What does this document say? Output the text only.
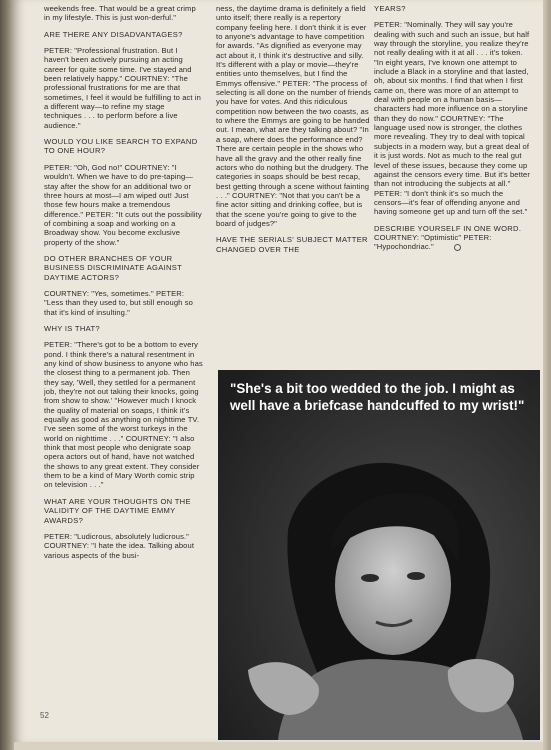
weekends free. That would be a great crimp in my lifestyle. This is just won-derful."

ARE THERE ANY DISADVANTAGES?

PETER: "Professional frustration. But I haven't been actively pursuing an acting career for quite some time. I've stayed and been relatively happy." COURTNEY: "The professional frustrations for me are that sometimes, I feel it would be fulfilling to act in a different way—to refine my stage techniques . . . to perform before a live audience."

WOULD YOU LIKE SEARCH TO EXPAND TO ONE HOUR?

PETER: "Oh, God no!" COURTNEY: "I wouldn't. When we have to do pre-taping—stay after the show for an additional two or three hours at most—I am wiped out! Just those few hours make a tremendous difference." PETER: "It cuts out the possibility of combining a soap and working on a Broadway show. You become exclusive property of the show."

DO OTHER BRANCHES OF YOUR BUSINESS DISCRIMINATE AGAINST DAYTIME ACTORS?

COURTNEY: "Yes, sometimes." PETER: "Less than they used to, but still enough so that it's kind of insulting."

WHY IS THAT?

PETER: "There's got to be a bottom to every pond. I think there's a natural resentment in any kind of show business to anyone who has the closest thing to a permanent job. Then they say, 'Well, they settled for a permanent job, they're not out taking their knocks, going from show to show.' "However much I knock the quality of material on soaps, I think it's equally as good as anything on nighttime TV. I've seen some of the worst turkeys in the world on nighttime . . ." COURTNEY: "I also think that most people who denigrate soap opera actors out of hand, have not watched the shows to any great extent. They consider them to be a kind of Mary Worth comic strip on television . . ."

WHAT ARE YOUR THOUGHTS ON THE VALIDITY OF THE DAYTIME EMMY AWARDS?

PETER: "Ludicrous, absolutely ludicrous." COURTNEY: "I hate the idea. Talking about various aspects of the busi-

ness, the daytime drama is definitely a field unto itself; there really is a repertory company feeling here. I don't think it is ever to anyone's advantage to have competition for awards. "As dignified as everyone may act about it, I think it's destructive and silly. It's different with a play or movie—they're entities unto themselves, but I find the Emmys offensive." PETER: "The process of selecting is all done on the number of friends you have for votes. And this ridiculous competition now between the two coasts, as to where the Emmys are going to be handed out. I mean, what are they talking about? "In a soap, where does the performance end? There are certain people in the shows who have all the gravy and the other really fine actors who do nothing but the drudgery. The categories in soaps should be best recap, best getting through a scene without fainting . . ." COURTNEY: "Not that you can't be a fine actor sitting and drinking coffee, but is that the scene you're going to give to the board of judges?"

HAVE THE SERIALS' SUBJECT MATTER CHANGED OVER THE

YEARS?

PETER: "Nominally. They will say you're dealing with such and such an issue, but half way through the storyline, you realize they're not really dealing with it at all . . . it's token. "In eight years, I've known one attempt to include a Black in a storyline and that lasted, oh, about six months. I find that when I first came on, there was more of an attempt to deal with people on a human basis—characters had more influence on a storyline than they do now." COURTNEY: "The language used now is stronger, the clothes more revealing. They try to deal with topical subjects in a modern way, but a great deal of it is just words. Not as much to the real gut level of these issues, because they come up against the censors every time. But it's better than not introducing the subjects at all." PETER: "I don't think it's so much the censors—it's fear of offending anyone and having someone get up and turn off the set."

DESCRIBE YOURSELF IN ONE WORD.

COURTNEY: "Optimistic" PETER: "Hypochondriac."

"She's a bit too wedded to the job. I might as well have a briefcase handcuffed to my wrist!"
52
